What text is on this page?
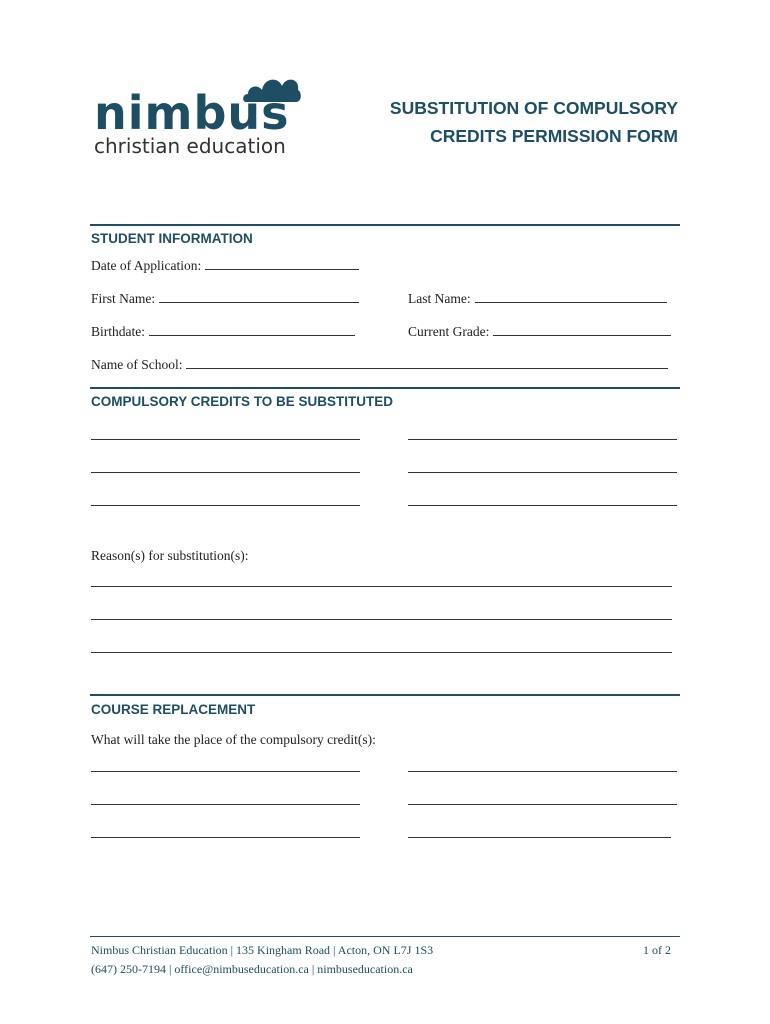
nimbus
christian education
SUBSTITUTION OF COMPULSORY
CREDITS PERMISSION FORM
STUDENT INFORMATION
Date of Application:
First Name:	Last Name:
Birthdate:	Current Grade:
Name of School:
COMPULSORY CREDITS TO BE SUBSTITUTED
Reason(s) for substitution(s):
COURSE REPLACEMENT
What will take the place of the compulsory credit(s):
Nimbus Christian Education | 135 Kingham Road | Acton, ON L7J 1S3
(647) 250-7194 | office@nimbuseducation.ca | nimbuseducation.ca
1 of 2
